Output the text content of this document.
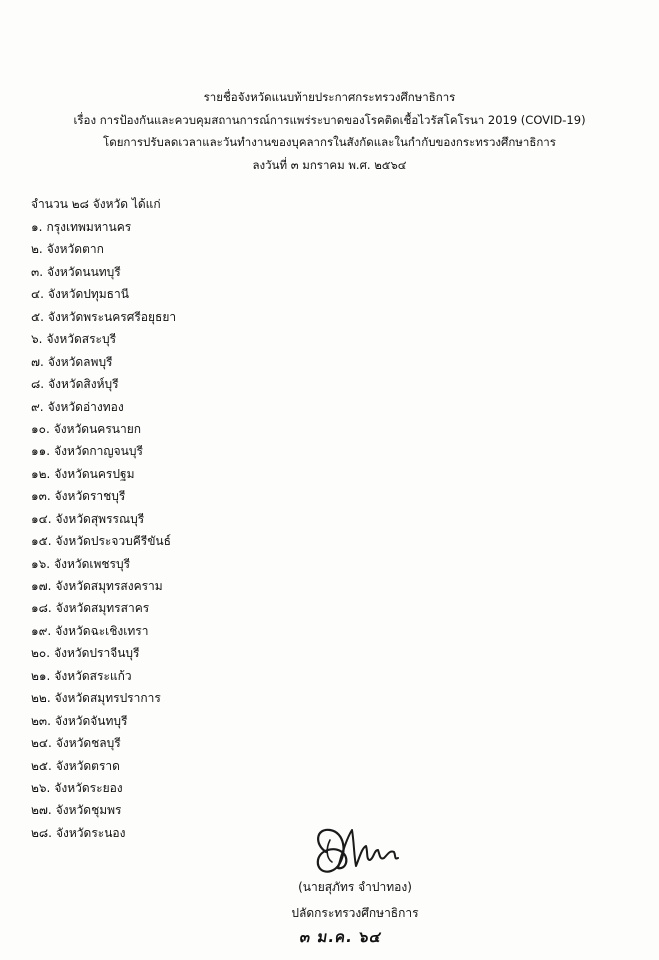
รายชื่อจังหวัดแนบท้ายประกาศกระทรวงศึกษาธิการ
เรื่อง การป้องกันและควบคุมสถานการณ์การแพร่ระบาดของโรคติดเชื้อไวรัสโคโรนา 2019 (COVID-19)
โดยการปรับลดเวลาและวันทำงานของบุคลากรในสังกัดและในกำกับของกระทรวงศึกษาธิการ
ลงวันที่ ๓ มกราคม พ.ศ. ๒๕๖๔
จำนวน ๒๘ จังหวัด ได้แก่
๑. กรุงเทพมหานคร
๒. จังหวัดตาก
๓. จังหวัดนนทบุรี
๔. จังหวัดปทุมธานี
๕. จังหวัดพระนครศรีอยุธยา
๖. จังหวัดสระบุรี
๗. จังหวัดลพบุรี
๘. จังหวัดสิงห์บุรี
๙. จังหวัดอ่างทอง
๑๐. จังหวัดนครนายก
๑๑. จังหวัดกาญจนบุรี
๑๒. จังหวัดนครปฐม
๑๓. จังหวัดราชบุรี
๑๔. จังหวัดสุพรรณบุรี
๑๕. จังหวัดประจวบคีรีขันธ์
๑๖. จังหวัดเพชรบุรี
๑๗. จังหวัดสมุทรสงคราม
๑๘. จังหวัดสมุทรสาคร
๑๙. จังหวัดฉะเชิงเทรา
๒๐. จังหวัดปราจีนบุรี
๒๑. จังหวัดสระแก้ว
๒๒. จังหวัดสมุทรปราการ
๒๓. จังหวัดจันทบุรี
๒๔. จังหวัดชลบุรี
๒๕. จังหวัดตราด
๒๖. จังหวัดระยอง
๒๗. จังหวัดชุมพร
๒๘. จังหวัดระนอง
(นายสุภัทร จำปาทอง)
ปลัดกระทรวงศึกษาธิการ
๓ ม.ค. ๖๔
